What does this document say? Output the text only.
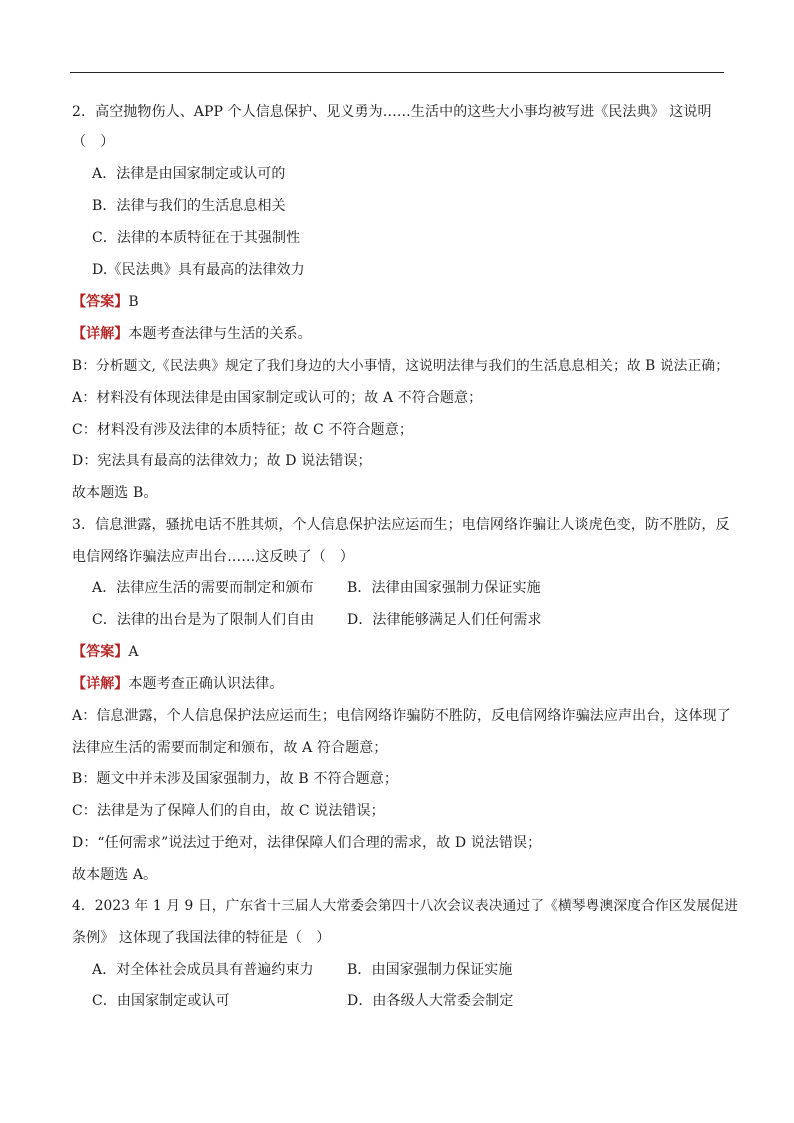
2．高空抛物伤人、APP 个人信息保护、见义勇为……生活中的这些大小事均被写进《民法典》 这说明
（　）
A．法律是由国家制定或认可的
B．法律与我们的生活息息相关
C．法律的本质特征在于其强制性
D.《民法典》具有最高的法律效力
【答案】B
【详解】本题考查法律与生活的关系。
B：分析题文,《民法典》规定了我们身边的大小事情，这说明法律与我们的生活息息相关；故 B 说法正确；
A：材料没有体现法律是由国家制定或认可的；故 A 不符合题意；
C：材料没有涉及法律的本质特征；故 C 不符合题意；
D：宪法具有最高的法律效力；故 D 说法错误；
故本题选 B。
3．信息泄露，骚扰电话不胜其烦，个人信息保护法应运而生；电信网络诈骗让人谈虎色变，防不胜防，反
电信网络诈骗法应声出台……这反映了（　）
A．法律应生活的需要而制定和颁布 B．法律由国家强制力保证实施
C．法律的出台是为了限制人们自由 D．法律能够满足人们任何需求
【答案】A
【详解】本题考查正确认识法律。
A：信息泄露，个人信息保护法应运而生；电信网络诈骗防不胜防，反电信网络诈骗法应声出台，这体现了
法律应生活的需要而制定和颁布，故 A 符合题意；
B：题文中并未涉及国家强制力，故 B 不符合题意；
C：法律是为了保障人们的自由，故 C 说法错误；
D：“任何需求”说法过于绝对，法律保障人们合理的需求，故 D 说法错误；
故本题选 A。
4．2023 年 1 月 9 日，广东省十三届人大常委会第四十八次会议表决通过了《横琴粤澳深度合作区发展促进
条例》 这体现了我国法律的特征是（　）
A．对全体社会成员具有普遍约束力 B．由国家强制力保证实施
C．由国家制定或认可	D．由各级人大常委会制定
